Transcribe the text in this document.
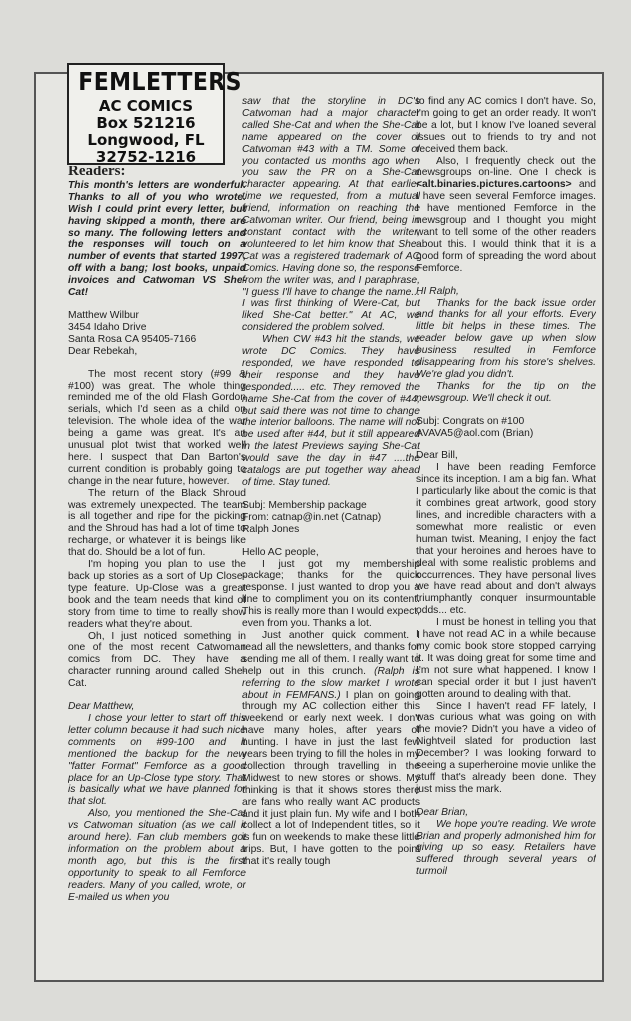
FEMLETTERS
AC COMICS
Box 521216
Longwood, FL
32752-1216
Readers:

This month's letters are wonderful. Thanks to all of you who wrote. Wish I could print every letter, but having skipped a month, there are so many. The following letters and the responses will touch on a number of events that started 1997, off with a bang; lost books, unpaid invoices and Catwoman VS She-Cat!

Matthew Wilbur
3454 Idaho Drive
Santa Rosa CA 95405-7166
Dear Rebekah,

The most recent story (#99 & #100) was great. The whole thing reminded me of the old Flash Gordon serials, which I'd seen as a child on television. The whole idea of the war being a game was great. It's an unusual plot twist that worked well here. I suspect that Dan Barton's current condition is probably going to change in the near future, however.

The return of the Black Shroud was extremely unexpected. The team is all together and ripe for the picking and the Shroud has had a lot of time to recharge, or whatever it is beings like that do. Should be a lot of fun.

I'm hoping you plan to use the back up stories as a sort of Up Close-type feature. Up-Close was a great book and the team needs that kind of story from time to time to really show readers what they're about.

Oh, I just noticed something in one of the most recent Catwoman comics from DC. They have a character running around called She-Cat.

Dear Matthew,

I chose your letter to start off this letter column because it had such nice comments on #99-100 and it mentioned the backup for the new "fatter Format" Femforce as a good place for an Up-Close type story. That is basically what we have planned for that slot.

Also, you mentioned the She-Cat vs Catwoman situation (as we call it around here). Fan club members got information on the problem about a month ago, but this is the first opportunity to speak to all Femforce readers. Many of you called, wrote, or E-mailed us when you

saw that the storyline in DC's Catwoman had a major character called She-Cat and when the She-Cat name appeared on the cover of Catwoman #43 with a TM. Some of you contacted us months ago when you saw the PR on a She-Cat character appearing. At that earlier time we requested, from a mutual friend, information on reaching the Catwoman writer. Our friend, being in constant contact with the writer, volunteered to let him know that She-Cat was a registered trademark of AC Comics. Having done so, the response from the writer was, and I paraphrase, "I guess I'll have to change the name... I was first thinking of Were-Cat, but liked She-Cat better." At AC, we considered the problem solved.

When CW #43 hit the stands, we wrote DC Comics. They have responded, we have responded to their response and they have responded..... etc. They removed the name She-Cat from the cover of #44, but said there was not time to change the interior balloons. The name will not be used after #44, but it still appeared in the latest Previews saying She-Cat would save the day in #47 ....the catalogs are put together way ahead of time. Stay tuned.

Subj: Membership package
From: catnap@in.net (Catnap)
Ralph Jones

Hello AC people,

I just got my membership package; thanks for the quick response. I just wanted to drop you a line to compliment you on its content. This is really more than I would expect, even from you. Thanks a lot.

Just another quick comment. I read all the newsletters, and thanks for sending me all of them. I really want to help out in this crunch. (Ralph is referring to the slow market I wrote about in FEMFANS.) I plan on going through my AC collection either this weekend or early next week. I don't have many holes, after years of hunting. I have in just the last few years been trying to fill the holes in my collection through travelling in the Midwest to new stores or shows. My thinking is that it shows stores there are fans who really want AC products and it just plain fun. My wife and I both collect a lot of Independent titles, so it is fun on weekends to make these little trips. But, I have gotten to the point that it's really tough

to find any AC comics I don't have. So, I'm going to get an order ready. It won't be a lot, but I know I've loaned several issues out to friends to try and not received them back.

Also, I frequently check out the newsgroups on-line. One I check is <alt.binaries.pictures.cartoons> and I have seen several Femforce images. I have mentioned Femforce in the newsgroup and I thought you might want to tell some of the other readers about this. I would think that it is a good form of spreading the word about Femforce.

HI Ralph,

Thanks for the back issue order and thanks for all your efforts. Every little bit helps in these times. The reader below gave up when slow business resulted in Femforce disappearing from his store's shelves. We're glad you didn't.

Thanks for the tip on the newsgroup. We'll check it out.

Subj: Congrats on #100
AVAVA5@aol.com (Brian)

Dear Bill,

I have been reading Femforce since its inception. I am a big fan. What I particularly like about the comic is that it combines great artwork, good story lines, and incredible characters with a somewhat more realistic or even human twist. Meaning, I enjoy the fact that your heroines and heroes have to deal with some realistic problems and occurrences. They have personal lives we have read about and don't always triumphantly conquer insurmountable odds... etc.

I must be honest in telling you that I have not read AC in a while because my comic book store stopped carrying it. It was doing great for some time and I'm not sure what happened. I know I can special order it but I just haven't gotten around to dealing with that.

Since I haven't read FF lately, I was curious what was going on with the movie? Didn't you have a video of Nightveil slated for production last December? I was looking forward to seeing a superheroine movie unlike the stuff that's already been done. They just miss the mark.

Dear Brian,

We hope you're reading. We wrote Brian and properly admonished him for giving up so easy. Retailers have suffered through several years of turmoil
